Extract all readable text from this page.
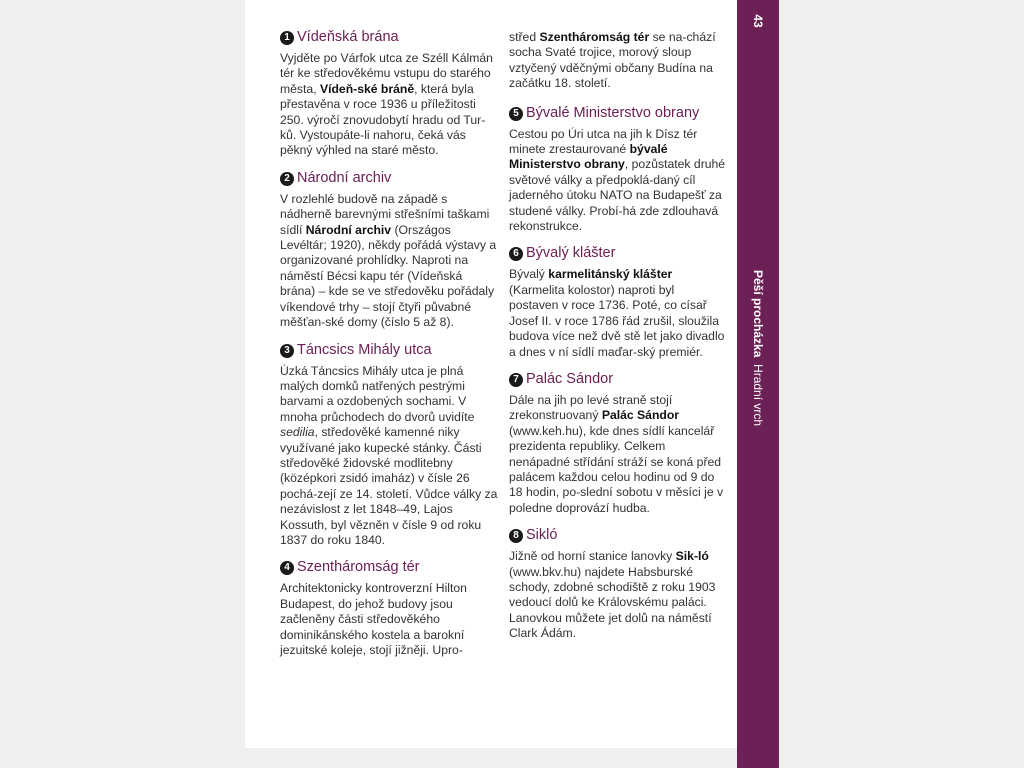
1 Vídeňská brána

Vyjděte po Várfok utca ze Széll Kálmán tér ke středověkému vstupu do starého města, Vídeň-ské bráně, která byla přestavěna v roce 1936 u příležitosti 250. výročí znovudobytí hradu od Tur-ků. Vystoupáte-li nahoru, čeká vás pěkný výhled na staré město.

2 Národní archiv

V rozlehlé budově na západě s nádherně barevnými střešními taškami sídlí Národní archiv (Országos Levéltár; 1920), někdy pořádá výstavy a organizované prohlídky. Naproti na náměstí Bécsi kapu tér (Vídeňská brána) – kde se ve středověku pořádaly víkendové trhy – stojí čtyři půvabné měšťan-ské domy (číslo 5 až 8).

3 Táncsics Mihály utca

Úzká Táncsics Mihály utca je plná malých domků natřených pestrými barvami a ozdobených sochami. V mnoha průchodech do dvorů uvidíte sedilia, středověké kamenné niky využívané jako kupecké stánky. Části středověké židovské modlitebny (középkori zsidó imaház) v čísle 26 pochá-zejí ze 14. století. Vůdce války za nezávislost z let 1848–49, Lajos Kossuth, byl vězněn v čísle 9 od roku 1837 do roku 1840.

4 Szentháromság tér

Architektonicky kontroverzní Hilton Budapest, do jehož budovy jsou začleněny části středověkého dominikánského kostela a barokní jezuitské koleje, stojí jižněji. Upro-

střed Szentháromság tér se na-chází socha Svaté trojice, morový sloup vztyčený vděčnými občany Budína na začátku 18. století.

5 Bývalé Ministerstvo obrany

Cestou po Úri utca na jih k Dísz tér minete zrestaurované bývalé Ministerstvo obrany, pozůstatek druhé světové války a předpoklá-daný cíl jaderného útoku NATO na Budapešť za studené války. Probí-há zde zdlouhavá rekonstrukce.

6 Bývalý klášter

Bývalý karmelitánský klášter (Karmelita kolostor) naproti byl postaven v roce 1736. Poté, co císař Josef II. v roce 1786 řád zrušil, sloužila budova více než dvě stě let jako divadlo a dnes v ní sídlí maďar-ský premiér.

7 Palác Sándor

Dále na jih po levé straně stojí zrekonstruovaný Palác Sándor (www.keh.hu), kde dnes sídlí kancelář prezidenta republiky. Celkem nenápadné střídání stráží se koná před palácem každou celou hodinu od 9 do 18 hodin, po-slední sobotu v měsíci je v poledne doprovází hudba.

8 Sikló

Jižně od horní stanice lanovky Sik-ló (www.bkv.hu) najdete Habsburské schody, zdobné schodiště z roku 1903 vedoucí dolů ke Královskému paláci. Lanovkou můžete jet dolů na náměstí Clark Ádám.

43
Pěší procházka  Hradní vrch
